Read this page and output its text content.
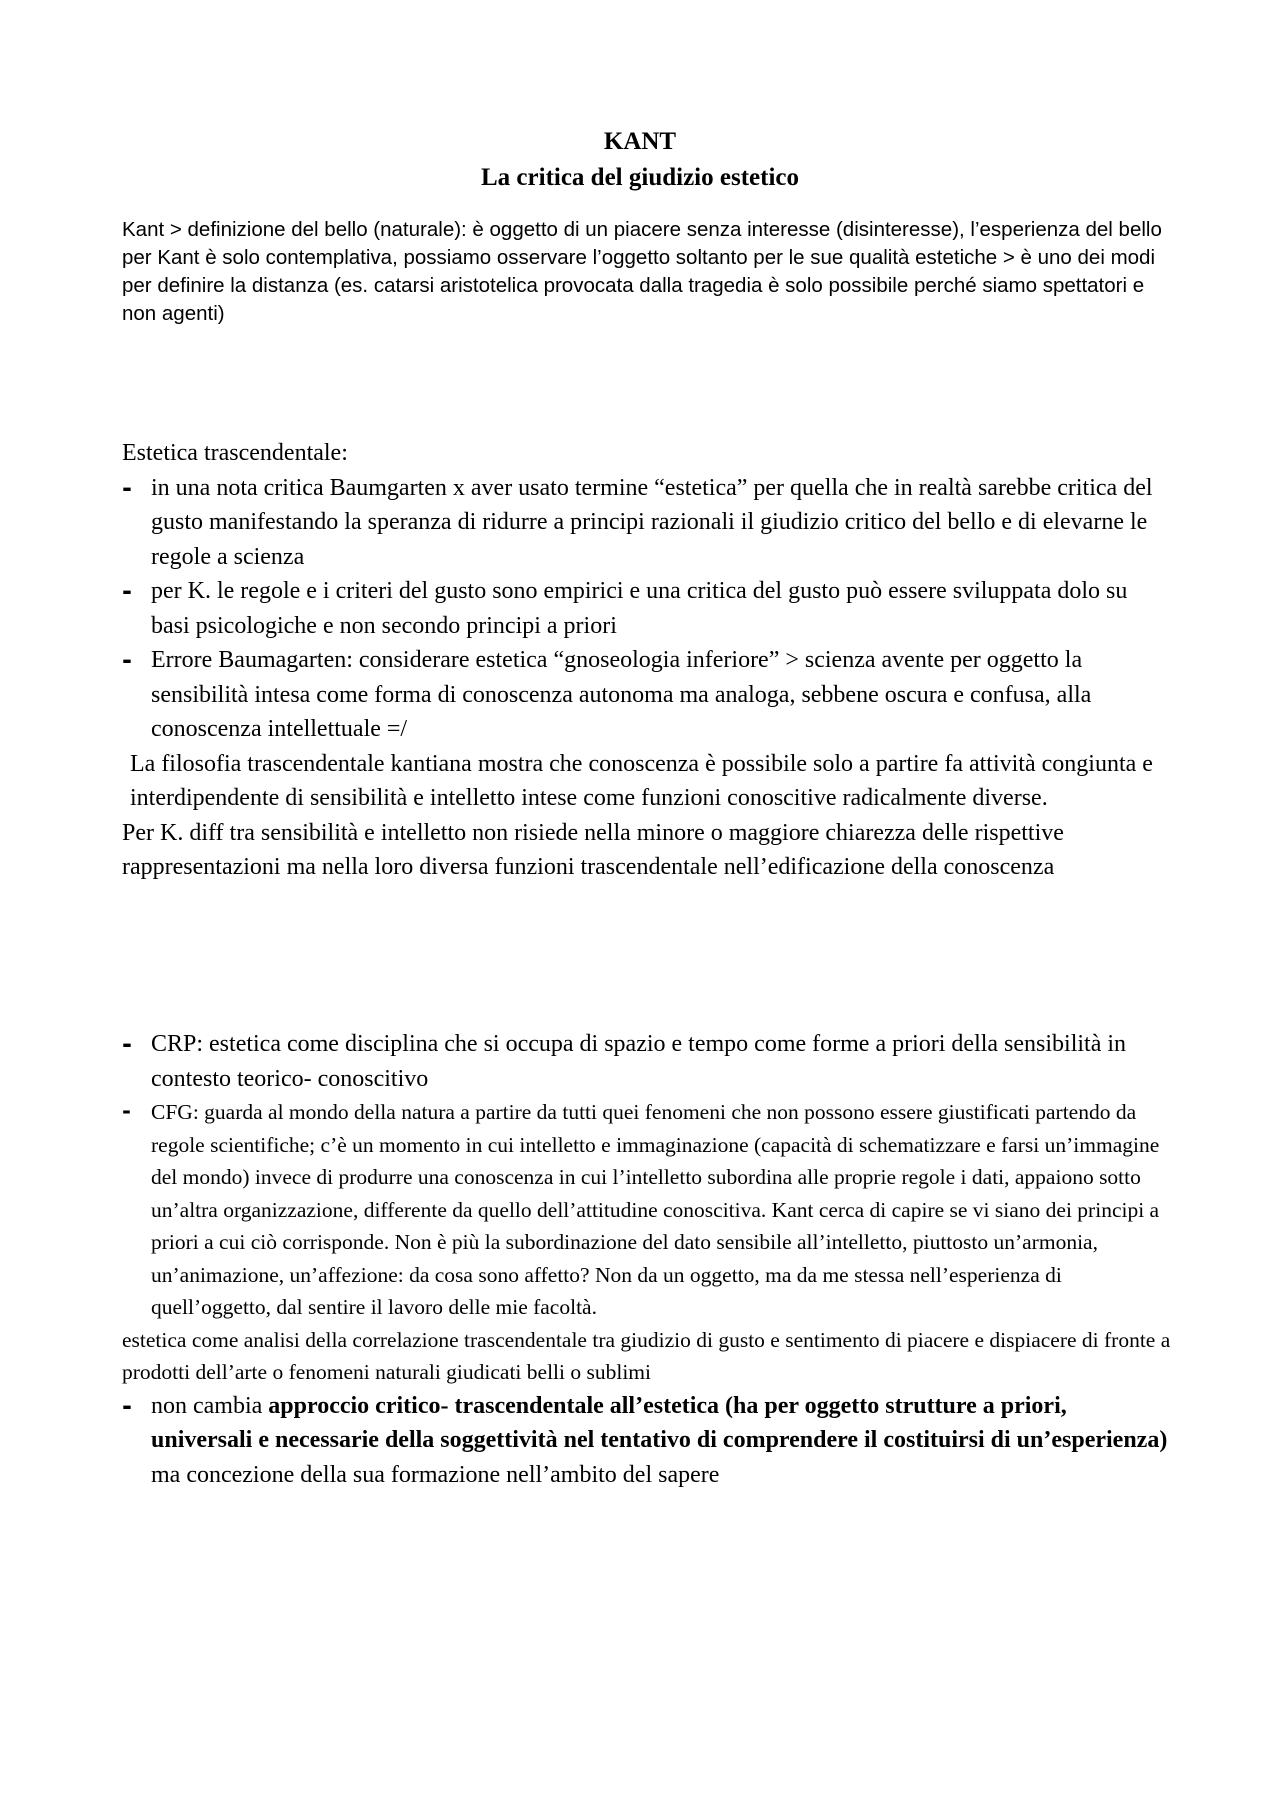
KANT
La critica del giudizio estetico

Kant > definizione del bello (naturale): è oggetto di un piacere senza interesse (disinteresse), l’esperienza del bello per Kant è solo contemplativa, possiamo osservare l’oggetto soltanto per le sue qualità estetiche > è uno dei modi per definire la distanza (es. catarsi aristotelica provocata dalla tragedia è solo possibile perché siamo spettatori e non agenti)

Estetica trascendentale:

- in una nota critica Baumgarten x aver usato termine “estetica” per quella che in realtà sarebbe critica del gusto manifestando la speranza di ridurre a principi razionali il giudizio critico del bello e di elevarne le regole a scienza
- per K. le regole e i criteri del gusto sono empirici e una critica del gusto può essere sviluppata dolo su basi psicologiche e non secondo principi a priori
- Errore Baumagarten: considerare estetica “gnoseologia inferiore” > scienza avente per oggetto la sensibilità intesa come forma di conoscenza autonoma ma analoga, sebbene oscura e confusa, alla conoscenza intellettuale =/

La filosofia trascendentale kantiana mostra che conoscenza è possibile solo a partire fa attività congiunta e interdipendente di sensibilità e intelletto intese come funzioni conoscitive radicalmente diverse.

Per K. diff tra sensibilità e intelletto non risiede nella minore o maggiore chiarezza delle rispettive rappresentazioni ma nella loro diversa funzioni trascendentale nell’edificazione della conoscenza

- CRP: estetica come disciplina che si occupa di spazio e tempo come forme a priori della sensibilità in contesto teorico- conoscitivo
- CFG: guarda al mondo della natura a partire da tutti quei fenomeni che non possono essere giustificati partendo da regole scientifiche; c’è un momento in cui intelletto e immaginazione (capacità di schematizzare e farsi un’immagine del mondo) invece di produrre una conoscenza in cui l’intelletto subordina alle proprie regole i dati, appaiono sotto un’altra organizzazione, differente da quello dell’attitudine conoscitiva. Kant cerca di capire se vi siano dei principi a priori a cui ciò corrisponde. Non è più la subordinazione del dato sensibile all’intelletto, piuttosto un’armonia, un’animazione, un’affezione: da cosa sono affetto? Non da un oggetto, ma da me stessa nell’esperienza di quell’oggetto, dal sentire il lavoro delle mie facoltà.

estetica come analisi della correlazione trascendentale tra giudizio di gusto e sentimento di piacere e dispiacere di fronte a prodotti dell’arte o fenomeni naturali giudicati belli o sublimi

- non cambia approccio critico- trascendentale all’estetica (ha per oggetto strutture a priori, universali e necessarie della soggettività nel tentativo di comprendere il costituirsi di un’esperienza) ma concezione della sua formazione nell’ambito del sapere
